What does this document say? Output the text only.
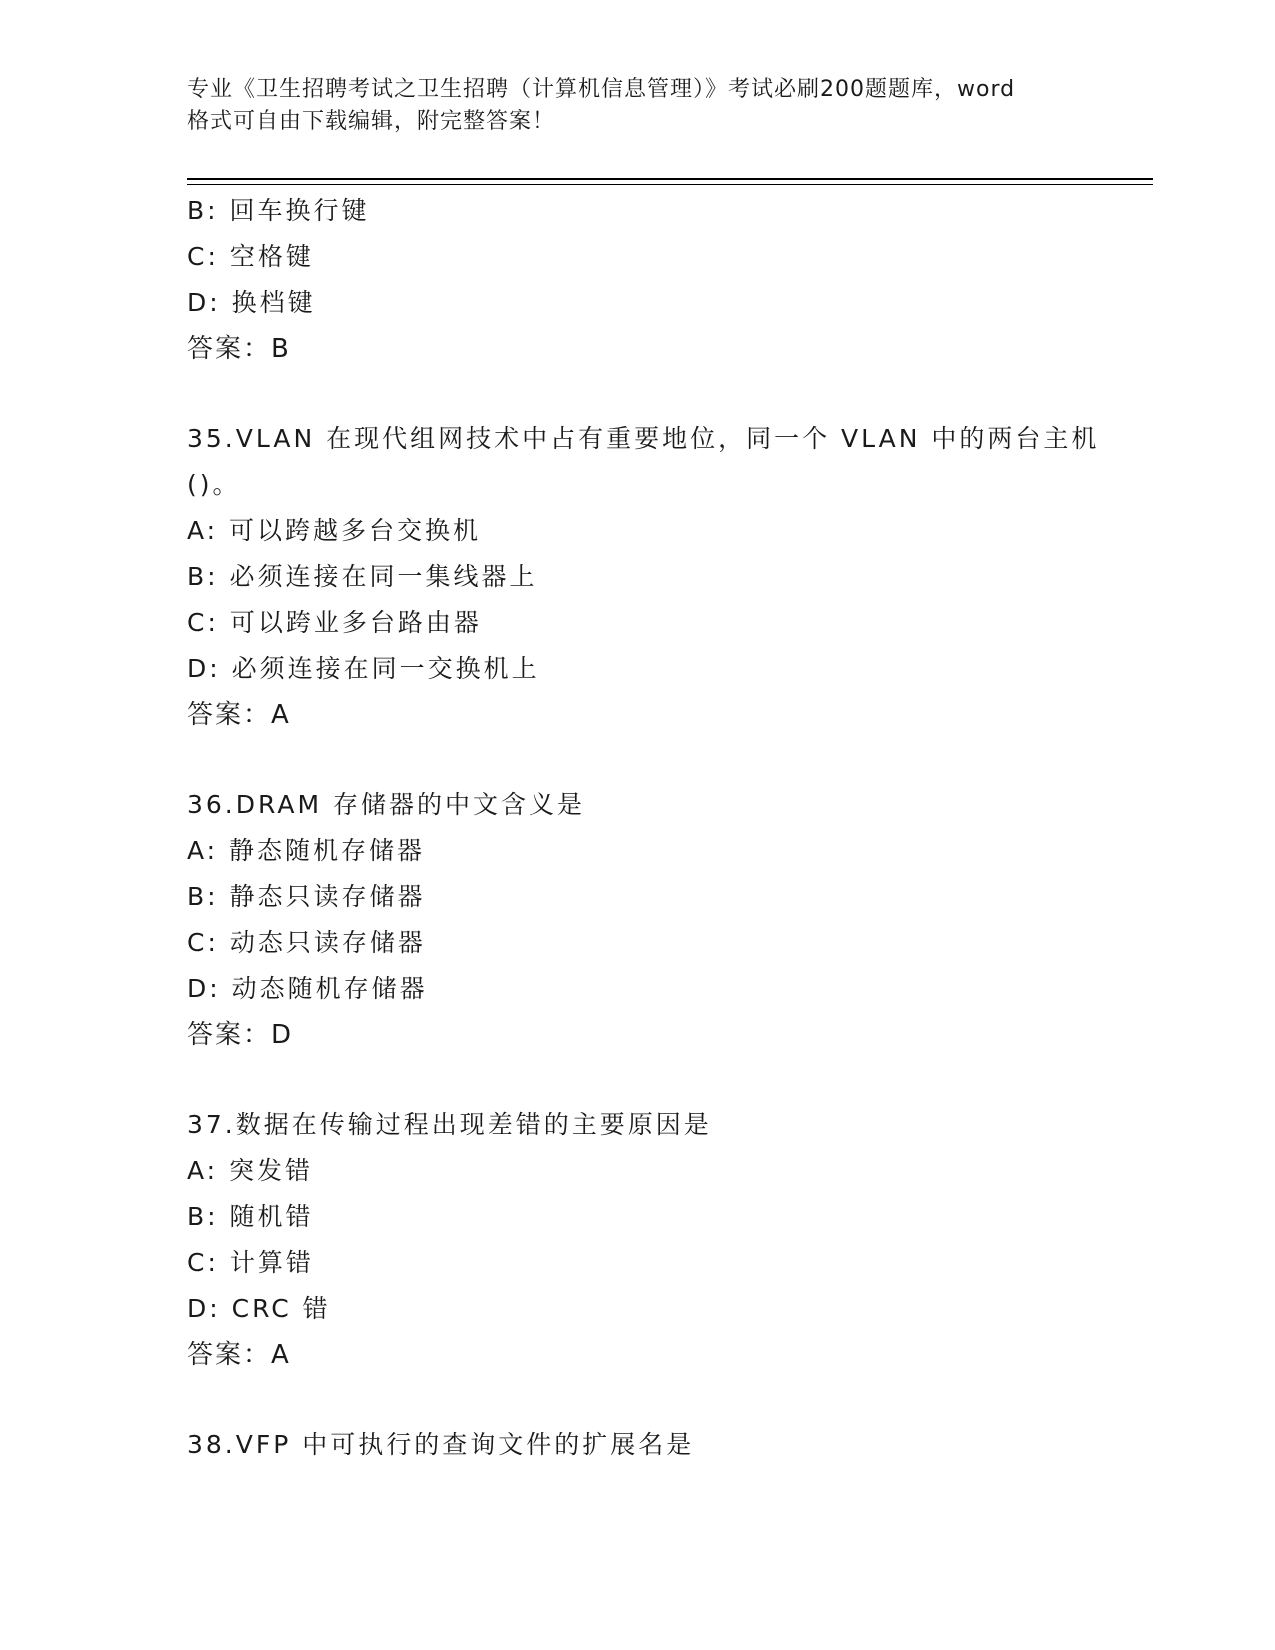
专业《卫生招聘考试之卫生招聘（计算机信息管理）》考试必刷200题题库，word
格式可自由下载编辑，附完整答案！
B: 回车换行键
C: 空格键
D: 换档键
答案：B
35.VLAN 在现代组网技术中占有重要地位，同一个 VLAN 中的两台主机
()。
A: 可以跨越多台交换机
B: 必须连接在同一集线器上
C: 可以跨业多台路由器
D: 必须连接在同一交换机上
答案：A
36.DRAM 存储器的中文含义是
A: 静态随机存储器
B: 静态只读存储器
C: 动态只读存储器
D: 动态随机存储器
答案：D
37.数据在传输过程出现差错的主要原因是
A: 突发错
B: 随机错
C: 计算错
D: CRC 错
答案：A
38.VFP 中可执行的查询文件的扩展名是
